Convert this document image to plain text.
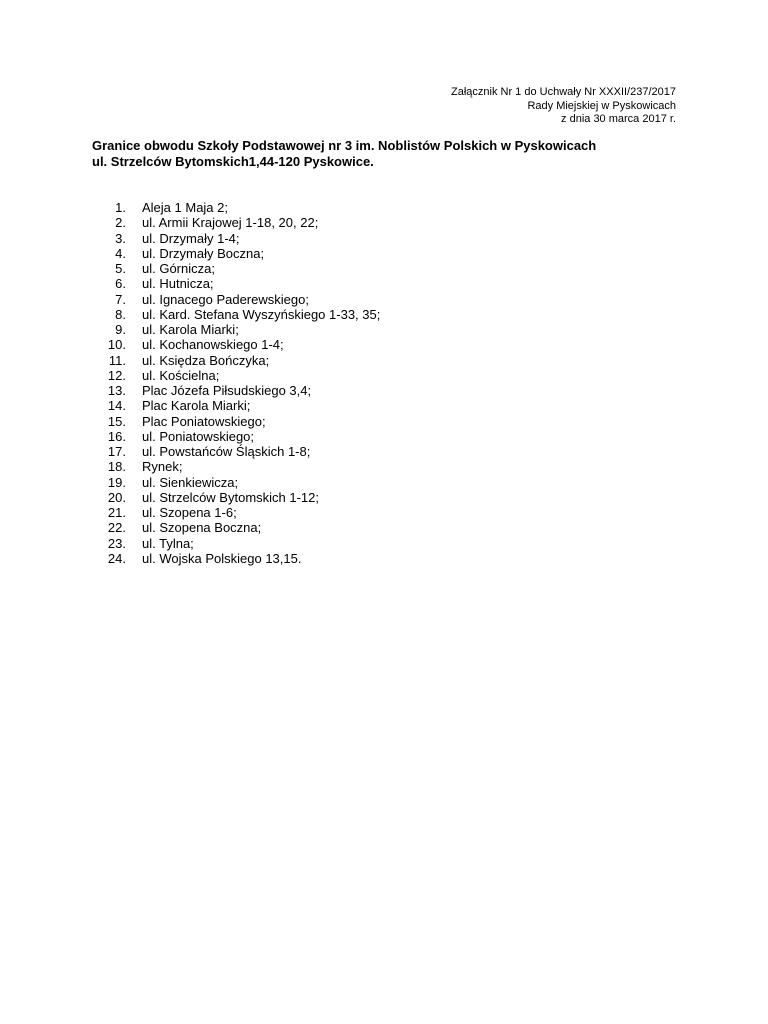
Załącznik Nr 1 do Uchwały Nr XXXII/237/2017
Rady Miejskiej w Pyskowicach
z dnia 30 marca 2017 r.
Granice obwodu Szkoły Podstawowej nr 3 im. Noblistów Polskich w Pyskowicach
ul. Strzelców Bytomskich1,44-120 Pyskowice.
1.	Aleja 1 Maja 2;
2.	ul. Armii Krajowej 1-18, 20, 22;
3.	ul. Drzymały 1-4;
4.	ul. Drzymały Boczna;
5.	ul. Górnicza;
6.	ul. Hutnicza;
7.	ul. Ignacego Paderewskiego;
8.	ul. Kard. Stefana Wyszyńskiego 1-33, 35;
9.	ul. Karola Miarki;
10.	ul. Kochanowskiego 1-4;
11.	ul. Księdza Bończyka;
12.	ul. Kościelna;
13.	Plac Józefa Piłsudskiego 3,4;
14.	Plac Karola Miarki;
15.	Plac Poniatowskiego;
16.	ul. Poniatowskiego;
17.	ul. Powstańców Śląskich 1-8;
18.	Rynek;
19.	ul. Sienkiewicza;
20.	ul. Strzelców Bytomskich 1-12;
21.	ul. Szopena 1-6;
22.	ul. Szopena Boczna;
23.	ul. Tylna;
24.	ul. Wojska Polskiego 13,15.
